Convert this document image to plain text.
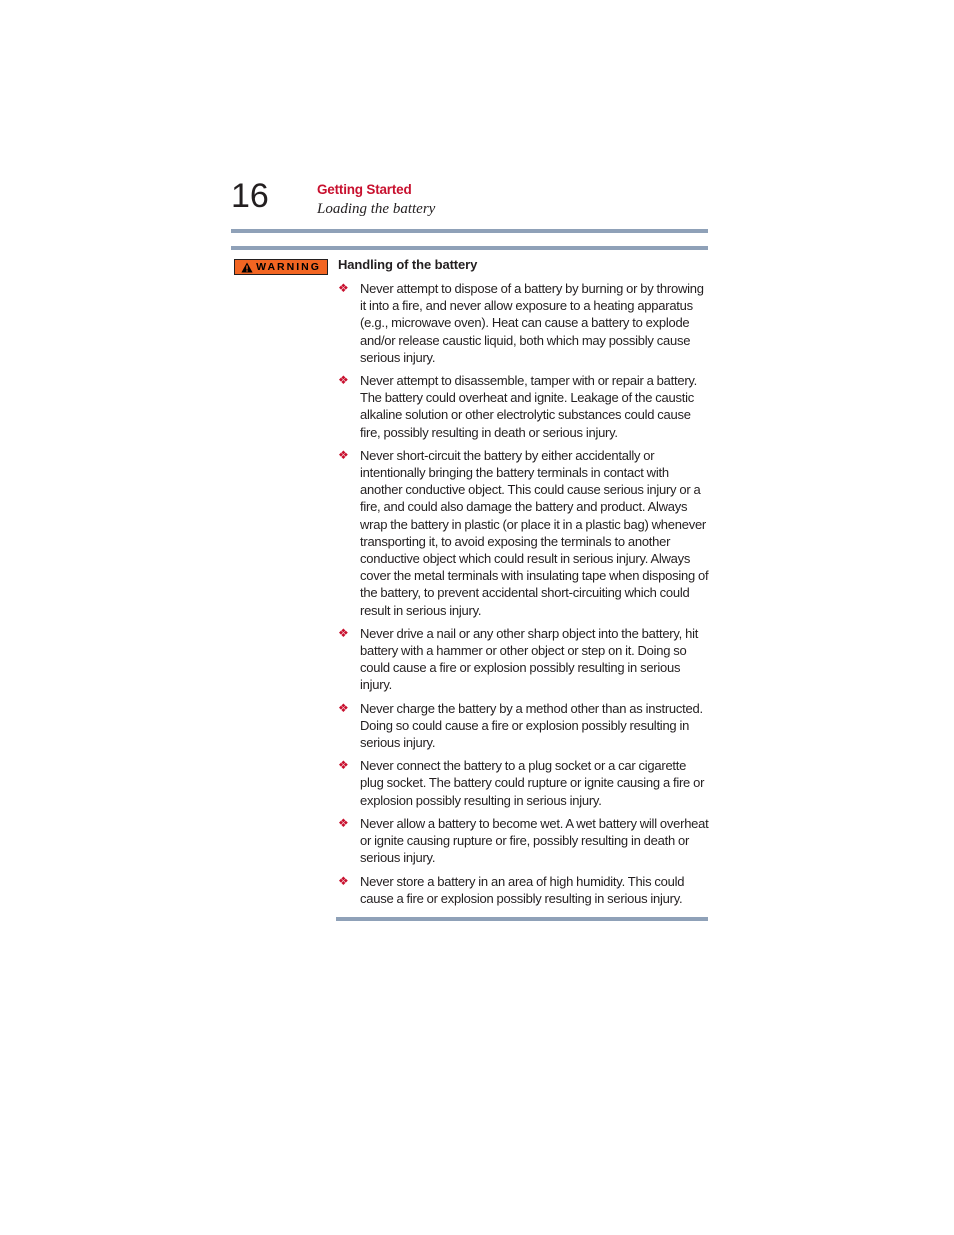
16	Getting Started
Loading the battery
WARNING Handling of the battery
❖ Never attempt to dispose of a battery by burning or by throwing it into a fire, and never allow exposure to a heating apparatus (e.g., microwave oven). Heat can cause a battery to explode and/or release caustic liquid, both which may possibly cause serious injury.
❖ Never attempt to disassemble, tamper with or repair a battery. The battery could overheat and ignite. Leakage of the caustic alkaline solution or other electrolytic substances could cause fire, possibly resulting in death or serious injury.
❖ Never short-circuit the battery by either accidentally or intentionally bringing the battery terminals in contact with another conductive object. This could cause serious injury or a fire, and could also damage the battery and product. Always wrap the battery in plastic (or place it in a plastic bag) whenever transporting it, to avoid exposing the terminals to another conductive object which could result in serious injury. Always cover the metal terminals with insulating tape when disposing of the battery, to prevent accidental short-circuiting which could result in serious injury.
❖ Never drive a nail or any other sharp object into the battery, hit battery with a hammer or other object or step on it. Doing so could cause a fire or explosion possibly resulting in serious injury.
❖ Never charge the battery by a method other than as instructed. Doing so could cause a fire or explosion possibly resulting in serious injury.
❖ Never connect the battery to a plug socket or a car cigarette plug socket. The battery could rupture or ignite causing a fire or explosion possibly resulting in serious injury.
❖ Never allow a battery to become wet. A wet battery will overheat or ignite causing rupture or fire, possibly resulting in death or serious injury.
❖ Never store a battery in an area of high humidity. This could cause a fire or explosion possibly resulting in serious injury.
